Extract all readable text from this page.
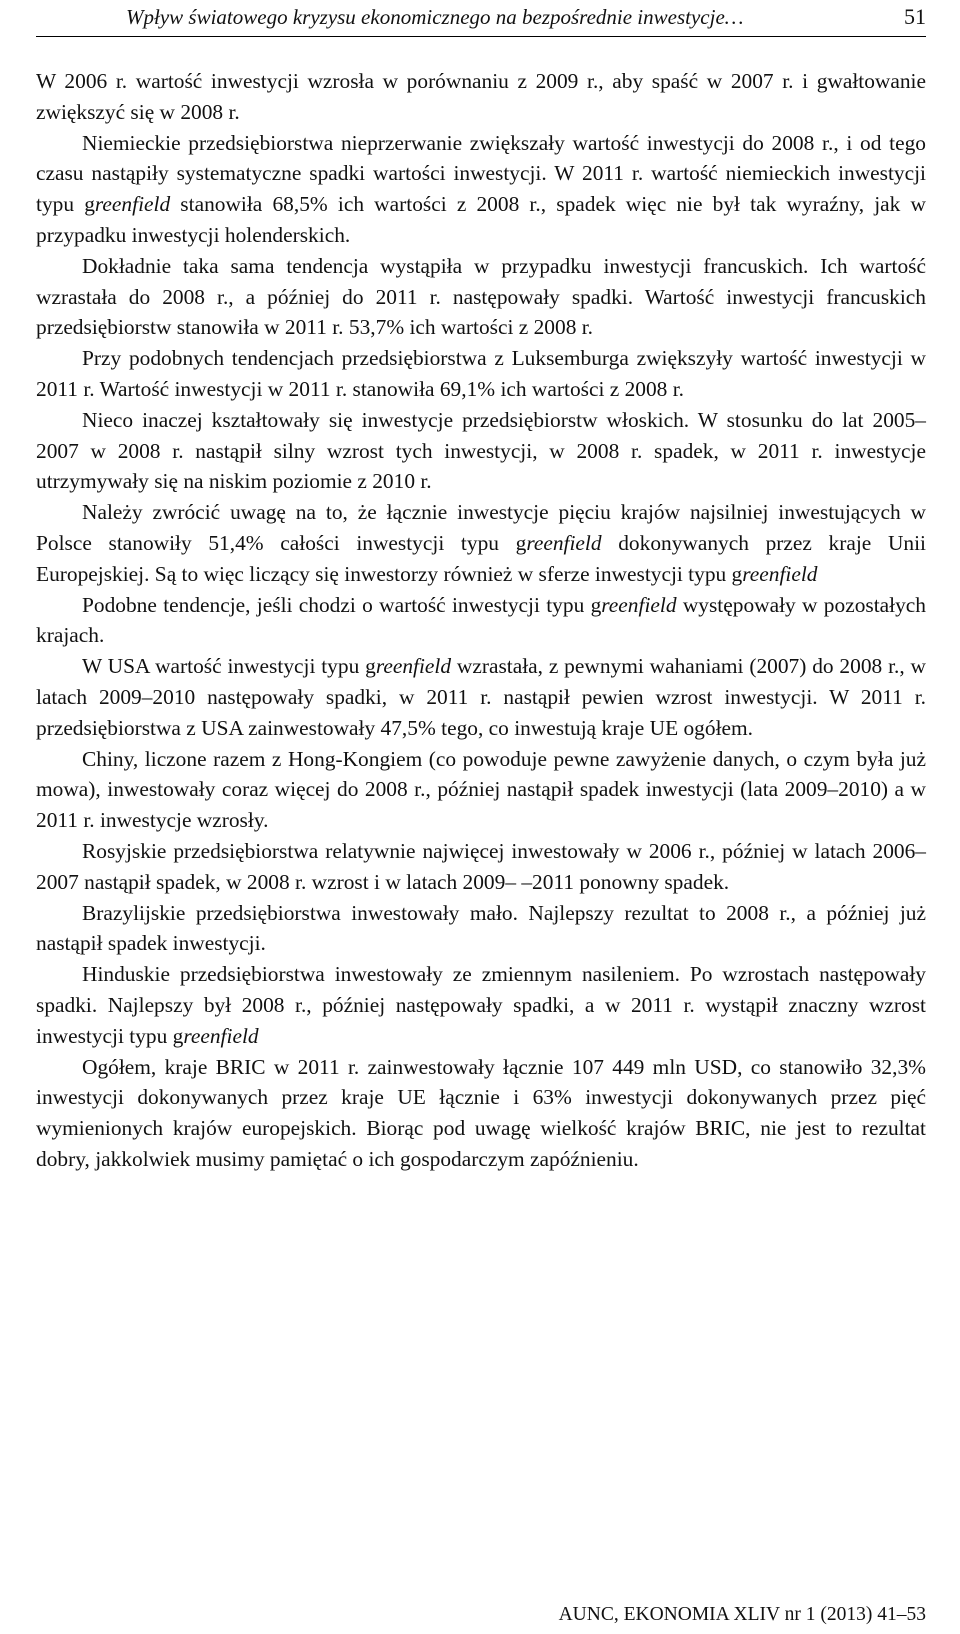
Wpływ światowego kryzysu ekonomicznego na bezpośrednie inwestycje…	51

W 2006 r. wartość inwestycji wzrosła w porównaniu z 2009 r., aby spaść w 2007 r. i gwałtowanie zwiększyć się w 2008 r.

Niemieckie przedsiębiorstwa nieprzerwanie zwiększały wartość inwestycji do 2008 r., i od tego czasu nastąpiły systematyczne spadki wartości inwestycji. W 2011 r. wartość niemieckich inwestycji typu greenfield stanowiła 68,5% ich wartości z 2008 r., spadek więc nie był tak wyraźny, jak w przypadku inwestycji holenderskich.

Dokładnie taka sama tendencja wystąpiła w przypadku inwestycji francuskich. Ich wartość wzrastała do 2008 r., a później do 2011 r. następowały spadki. Wartość inwestycji francuskich przedsiębiorstw stanowiła w 2011 r. 53,7% ich wartości z 2008 r.

Przy podobnych tendencjach przedsiębiorstwa z Luksemburga zwiększyły wartość inwestycji w 2011 r. Wartość inwestycji w 2011 r. stanowiła 69,1% ich wartości z 2008 r.

Nieco inaczej kształtowały się inwestycje przedsiębiorstw włoskich. W stosunku do lat 2005–2007 w 2008 r. nastąpił silny wzrost tych inwestycji, w 2008 r. spadek, w 2011 r. inwestycje utrzymywały się na niskim poziomie z 2010 r.

Należy zwrócić uwagę na to, że łącznie inwestycje pięciu krajów najsilniej inwestujących w Polsce stanowiły 51,4% całości inwestycji typu greenfield dokonywanych przez kraje Unii Europejskiej. Są to więc liczący się inwestorzy również w sferze inwestycji typu greenfield

Podobne tendencje, jeśli chodzi o wartość inwestycji typu greenfield występowały w pozostałych krajach.

W USA wartość inwestycji typu greenfield wzrastała, z pewnymi wahaniami (2007) do 2008 r., w latach 2009–2010 następowały spadki, w 2011 r. nastąpił pewien wzrost inwestycji. W 2011 r. przedsiębiorstwa z USA zainwestowały 47,5% tego, co inwestują kraje UE ogółem.

Chiny, liczone razem z Hong-Kongiem (co powoduje pewne zawyżenie danych, o czym była już mowa), inwestowały coraz więcej do 2008 r., później nastąpił spadek inwestycji (lata 2009–2010) a w 2011 r. inwestycje wzrosły.

Rosyjskie przedsiębiorstwa relatywnie najwięcej inwestowały w 2006 r., później w latach 2006–2007 nastąpił spadek, w 2008 r. wzrost i w latach 2009– –2011 ponowny spadek.

Brazylijskie przedsiębiorstwa inwestowały mało. Najlepszy rezultat to 2008 r., a później już nastąpił spadek inwestycji.

Hinduskie przedsiębiorstwa inwestowały ze zmiennym nasileniem. Po wzrostach następowały spadki. Najlepszy był 2008 r., później następowały spadki, a w 2011 r. wystąpił znaczny wzrost inwestycji typu greenfield

Ogółem, kraje BRIC w 2011 r. zainwestowały łącznie 107 449 mln USD, co stanowiło 32,3% inwestycji dokonywanych przez kraje UE łącznie i 63% inwestycji dokonywanych przez pięć wymienionych krajów europejskich. Biorąc pod uwagę wielkość krajów BRIC, nie jest to rezultat dobry, jakkolwiek musimy pamiętać o ich gospodarczym zapóźnieniu.

AUNC, EKONOMIA XLIV nr 1 (2013) 41–53
